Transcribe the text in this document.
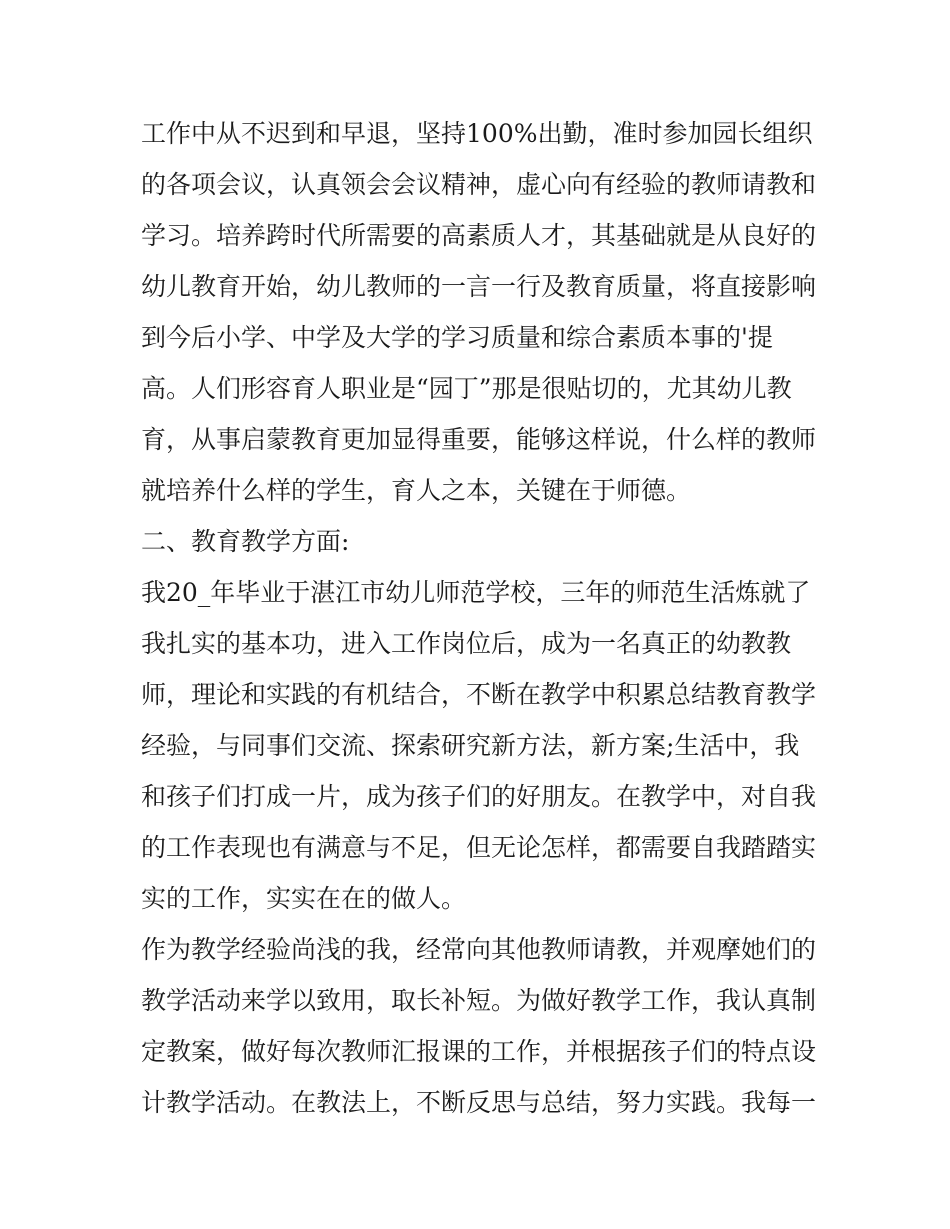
工作中从不迟到和早退，坚持100%出勤，准时参加园长组织
的各项会议，认真领会会议精神，虚心向有经验的教师请教和
学习。培养跨时代所需要的高素质人才，其基础就是从良好的
幼儿教育开始，幼儿教师的一言一行及教育质量，将直接影响
到今后小学、中学及大学的学习质量和综合素质本事的'提
高。人们形容育人职业是“园丁”那是很贴切的，尤其幼儿教
育，从事启蒙教育更加显得重要，能够这样说，什么样的教师
就培养什么样的学生，育人之本，关键在于师德。
二、教育教学方面:
我20_年毕业于湛江市幼儿师范学校，三年的师范生活炼就了
我扎实的基本功，进入工作岗位后，成为一名真正的幼教教
师，理论和实践的有机结合，不断在教学中积累总结教育教学
经验，与同事们交流、探索研究新方法，新方案;生活中，我
和孩子们打成一片，成为孩子们的好朋友。在教学中，对自我
的工作表现也有满意与不足，但无论怎样，都需要自我踏踏实
实的工作，实实在在的做人。
作为教学经验尚浅的我，经常向其他教师请教，并观摩她们的
教学活动来学以致用，取长补短。为做好教学工作，我认真制
定教案，做好每次教师汇报课的工作，并根据孩子们的特点设
计教学活动。在教法上，不断反思与总结，努力实践。我每一
